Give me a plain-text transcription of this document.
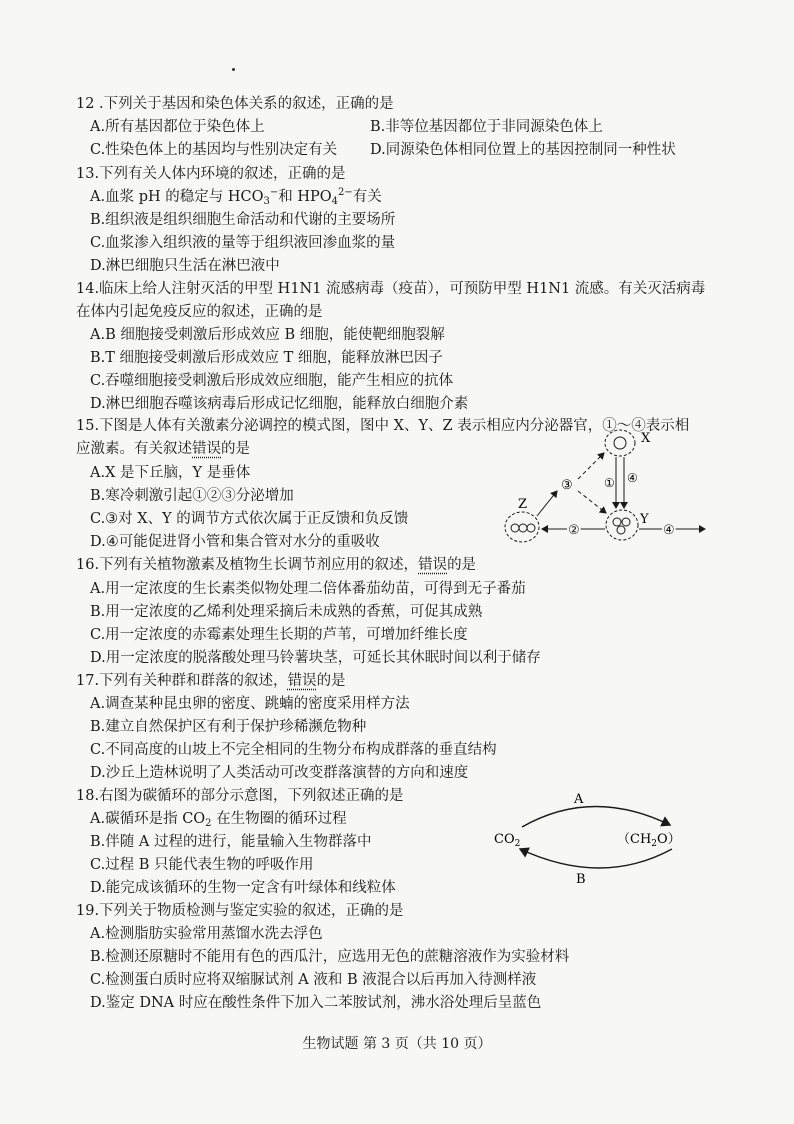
12 .下列关于基因和染色体关系的叙述，正确的是
A.所有基因都位于染色体上	B.非等位基因都位于非同源染色体上
C.性染色体上的基因均与性别决定有关 D.同源染色体相同位置上的基因控制同一种性状
13.下列有关人体内环境的叙述，正确的是
A.血浆 pH 的稳定与 $HCO_3^-$和 $HPO_4^{2-}$有关
B.组织液是组织细胞生命活动和代谢的主要场所
C.血浆渗入组织液的量等于组织液回渗血浆的量
D.淋巴细胞只生活在淋巴液中
14.临床上给人注射灭活的甲型 H1N1 流感病毒（疫苗），可预防甲型 H1N1 流感。有关灭活病毒
在体内引起免疫反应的叙述，正确的是
A.B 细胞接受刺激后形成效应 B 细胞，能使靶细胞裂解
B.T 细胞接受刺激后形成效应 T 细胞，能释放淋巴因子
C.吞噬细胞接受刺激后形成效应细胞，能产生相应的抗体
D.淋巴细胞吞噬该病毒后形成记忆细胞，能释放白细胞介素
15.下图是人体有关激素分泌调控的模式图，图中 X、Y、Z 表示相应内分泌器官，①～④表示相
应激素。有关叙述错误的是
A.X 是下丘脑，Y 是垂体
B.寒冷刺激引起①②③分泌增加
C.③对 X、Y 的调节方式依次属于正反馈和负反馈
D.④可能促进肾小管和集合管对水分的重吸收
X
Y
Z
③	① ④
②	④
16.下列有关植物激素及植物生长调节剂应用的叙述，错误的是
A.用一定浓度的生长素类似物处理二倍体番茄幼苗，可得到无子番茄
B.用一定浓度的乙烯利处理采摘后未成熟的香蕉，可促其成熟
C.用一定浓度的赤霉素处理生长期的芦苇，可增加纤维长度
D.用一定浓度的脱落酸处理马铃薯块茎，可延长其休眠时间以利于储存
17.下列有关种群和群落的叙述，错误的是
A.调查某种昆虫卵的密度、跳蝻的密度采用样方法
B.建立自然保护区有利于保护珍稀濒危物种
C.不同高度的山坡上不完全相同的生物分布构成群落的垂直结构
D.沙丘上造林说明了人类活动可改变群落演替的方向和速度
18.右图为碳循环的部分示意图，下列叙述正确的是
A.碳循环是指 $CO_2$ 在生物圈的循环过程
B.伴随 A 过程的进行，能量输入生物群落中
C.过程 B 只能代表生物的呼吸作用
D.能完成该循环的生物一定含有叶绿体和线粒体
A
B
$CO_2$	$(CH_2O)$
19.下列关于物质检测与鉴定实验的叙述，正确的是
A.检测脂肪实验常用蒸馏水洗去浮色
B.检测还原糖时不能用有色的西瓜汁，应选用无色的蔗糖溶液作为实验材料
C.检测蛋白质时应将双缩脲试剂 A 液和 B 液混合以后再加入待测样液
D.鉴定 DNA 时应在酸性条件下加入二苯胺试剂，沸水浴处理后呈蓝色
生物试题 第 3 页（共 10 页）
